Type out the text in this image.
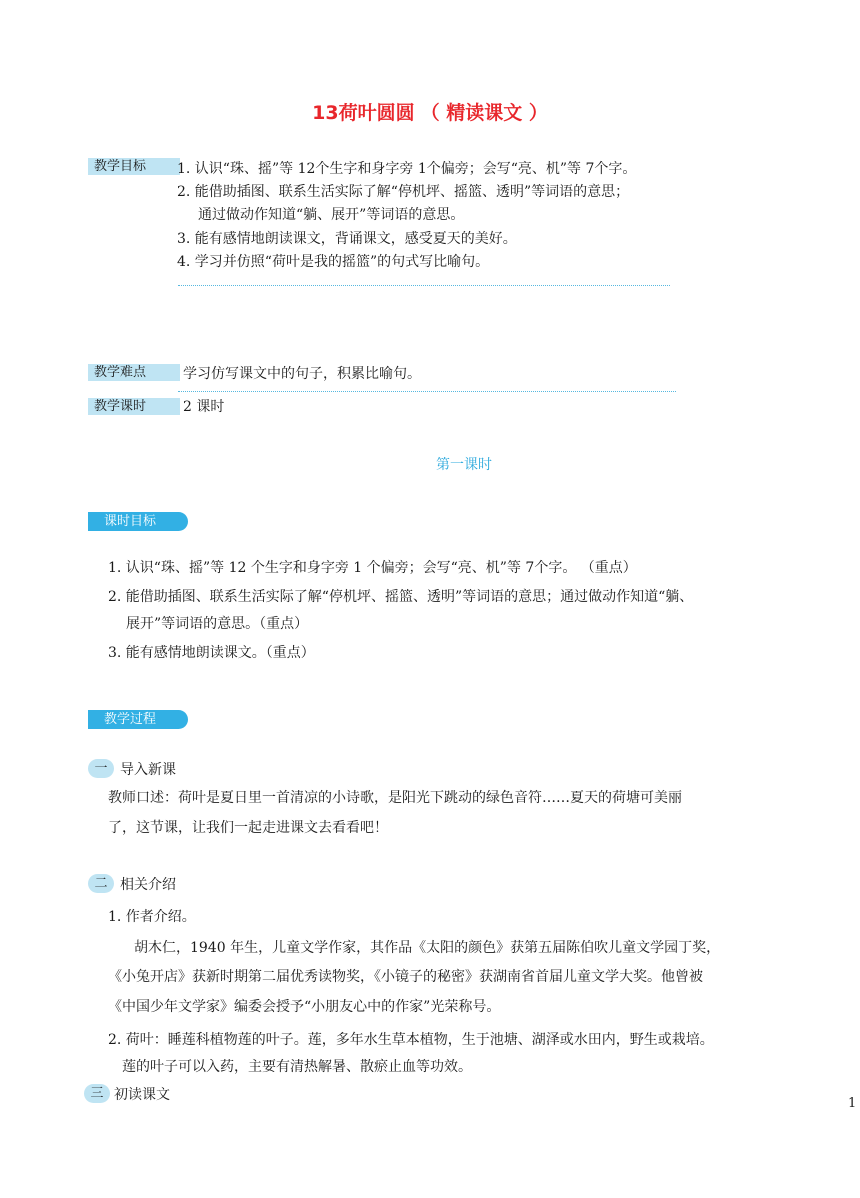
13荷叶圆圆 （ 精读课文 ）
教学目标	1. 认识“珠、摇”等 12个生字和身字旁 1个偏旁；会写“亮、机”等 7个字。
2. 能借助插图、联系生活实际了解“停机坪、摇篮、透明”等词语的意思；
通过做动作知道“躺、展开”等词语的意思。
3. 能有感情地朗读课文，背诵课文，感受夏天的美好。
4. 学习并仿照“荷叶是我的摇篮”的句式写比喻句。
教学难点	学习仿写课文中的句子，积累比喻句。
教学课时	2 课时
第一课时
课时目标
1. 认识“珠、摇”等 12 个生字和身字旁 1 个偏旁；会写“亮、机”等 7个字。 （重点）
2. 能借助插图、联系生活实际了解“停机坪、摇篮、透明”等词语的意思；通过做动作知道“躺、
展开”等词语的意思。（重点）
3. 能有感情地朗读课文。（重点）
教学过程
一 导入新课
教师口述：荷叶是夏日里一首清凉的小诗歌，是阳光下跳动的绿色音符……夏天的荷塘可美丽
了，这节课，让我们一起走进课文去看看吧！
二 相关介绍
1. 作者介绍。
胡木仁，1940 年生，儿童文学作家，其作品《太阳的颜色》获第五届陈伯吹儿童文学园丁奖，
《小兔开店》获新时期第二届优秀读物奖，《小镜子的秘密》获湖南省首届儿童文学大奖。他曾被
《中国少年文学家》编委会授予“小朋友心中的作家”光荣称号。
2. 荷叶：睡莲科植物莲的叶子。莲，多年水生草本植物，生于池塘、湖泽或水田内，野生或栽培。
莲的叶子可以入药，主要有清热解暑、散瘀止血等功效。
三 初读课文
1
